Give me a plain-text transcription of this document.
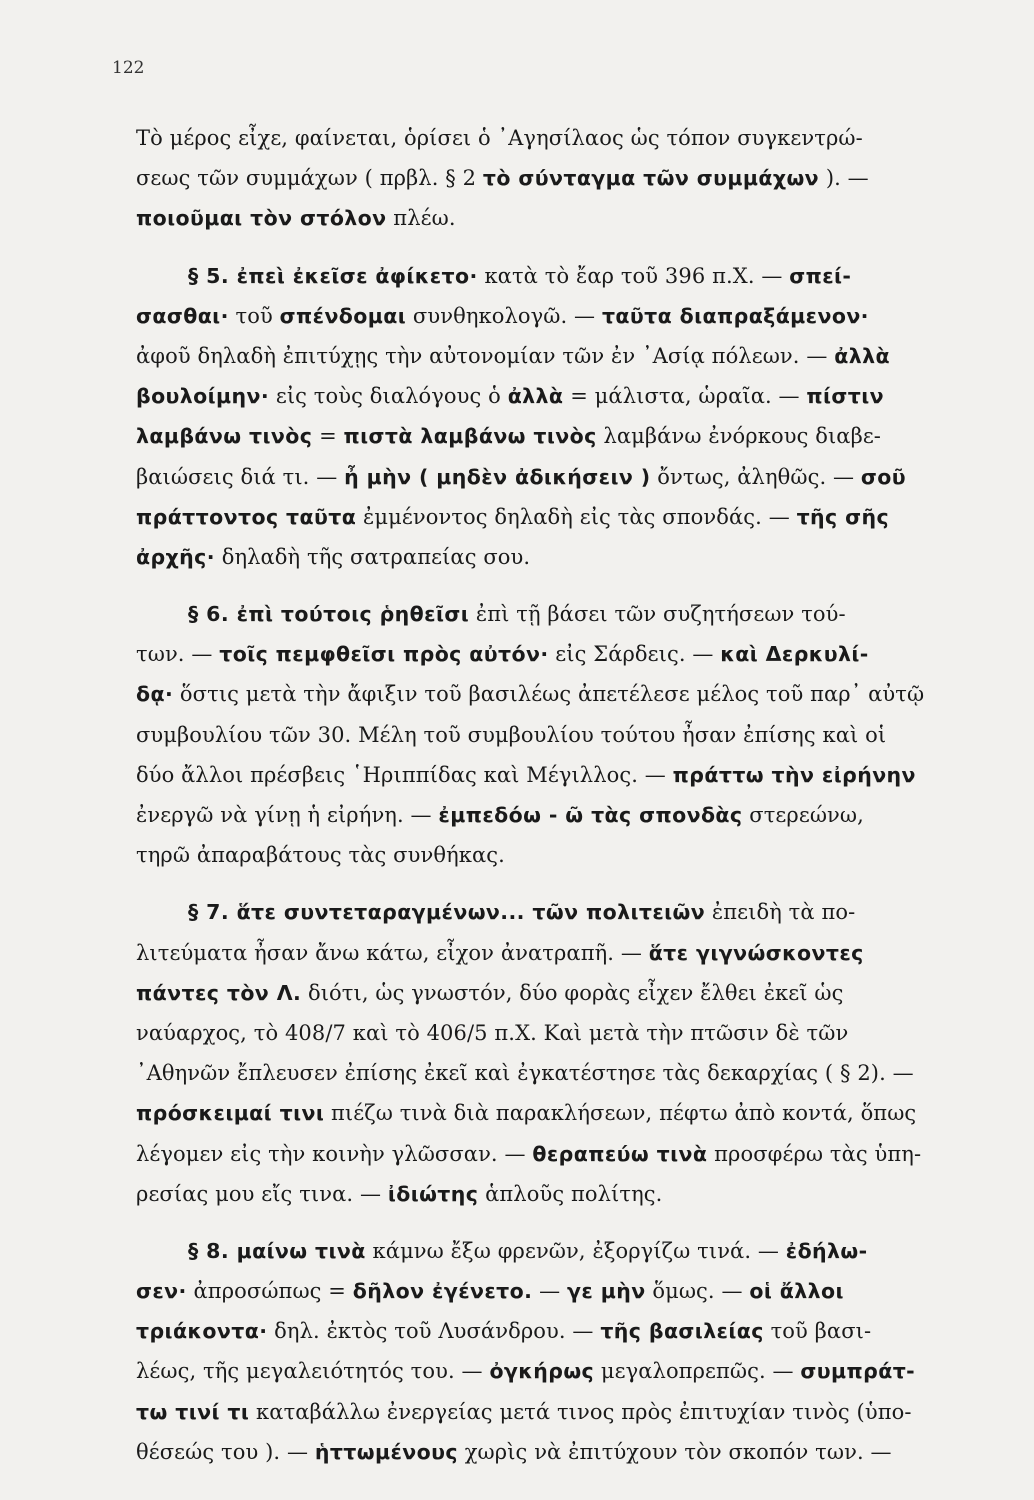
122
Τὸ μέρος εἶχε, φαίνεται, ὁρίσει ὁ ᾿Αγησίλαος ὡς τόπον συγκεντρώ-
σεως τῶν συμμάχων ( πρβλ. § 2 τὸ σύνταγμα τῶν συμμάχων ). —
ποιοῦμαι τὸν στόλον πλέω.
§ 5. ἐπεὶ ἐκεῖσε ἀφίκετο· κατὰ τὸ ἔαρ τοῦ 396 π.Χ. — σπεί-
σασθαι· τοῦ σπένδομαι συνθηκολογῶ. — ταῦτα διαπραξάμενον·
ἀφοῦ δηλαδὴ ἐπιτύχῃς τὴν αὐτονομίαν τῶν ἐν ᾿Ασίᾳ πόλεων. — ἀλλὰ
βουλοίμην· εἰς τοὺς διαλόγους ὁ ἀλλὰ = μάλιστα, ὡραῖα. — πίστιν
λαμβάνω τινὸς = πιστὰ λαμβάνω τινὸς λαμβάνω ἐνόρκους διαβε-
βαιώσεις διά τι. — ἦ μὴν ( μηδὲν ἀδικήσειν ) ὄντως, ἀληθῶς. — σοῦ
πράττοντος ταῦτα ἐμμένοντος δηλαδὴ εἰς τὰς σπονδάς. — τῆς σῆς
ἀρχῆς· δηλαδὴ τῆς σατραπείας σου.
§ 6. ἐπὶ τούτοις ῥηθεῖσι ἐπὶ τῇ βάσει τῶν συζητήσεων τού-
των. — τοῖς πεμφθεῖσι πρὸς αὐτόν· εἰς Σάρδεις. — καὶ Δερκυλί-
δᾳ· ὅστις μετὰ τὴν ἄφιξιν τοῦ βασιλέως ἀπετέλεσε μέλος τοῦ παρ᾿ αὐτῷ
συμβουλίου τῶν 30. Μέλη τοῦ συμβουλίου τούτου ἦσαν ἐπίσης καὶ οἱ
δύο ἄλλοι πρέσβεις ῾Ηριππίδας καὶ Μέγιλλος. — πράττω τὴν εἰρήνην
ἐνεργῶ νὰ γίνῃ ἡ εἰρήνη. — ἐμπεδόω - ῶ τὰς σπονδὰς στερεώνω,
τηρῶ ἀπαραβάτους τὰς συνθήκας.
§ 7. ἅτε συντεταραγμένων... τῶν πολιτειῶν ἐπειδὴ τὰ πο-
λιτεύματα ἦσαν ἄνω κάτω, εἶχον ἀνατραπῆ. — ἅτε γιγνώσκοντες
πάντες τὸν Λ. διότι, ὡς γνωστόν, δύο φορὰς εἶχεν ἔλθει ἐκεῖ ὡς
ναύαρχος, τὸ 408/7 καὶ τὸ 406/5 π.Χ. Καὶ μετὰ τὴν πτῶσιν δὲ τῶν
᾿Αθηνῶν ἔπλευσεν ἐπίσης ἐκεῖ καὶ ἐγκατέστησε τὰς δεκαρχίας ( § 2). —
πρόσκειμαί τινι πιέζω τινὰ διὰ παρακλήσεων, πέφτω ἀπὸ κοντά, ὅπως
λέγομεν εἰς τὴν κοινὴν γλῶσσαν. — θεραπεύω τινὰ προσφέρω τὰς ὑπη-
ρεσίας μου εἴς τινα. — ἰδιώτης ἁπλοῦς πολίτης.
§ 8. μαίνω τινὰ κάμνω ἔξω φρενῶν, ἐξοργίζω τινά. — ἐδήλω-
σεν· ἀπροσώπως = δῆλον ἐγένετο. — γε μὴν ὅμως. — οἱ ἄλλοι
τριάκοντα· δηλ. ἐκτὸς τοῦ Λυσάνδρου. — τῆς βασιλείας τοῦ βασι-
λέως, τῆς μεγαλειότητός του. — ὀγκήρως μεγαλοπρεπῶς. — συμπράτ-
τω τινί τι καταβάλλω ἐνεργείας μετά τινος πρὸς ἐπιτυχίαν τινὸς (ὑπο-
θέσεώς του ). — ἡττωμένους χωρὶς νὰ ἐπιτύχουν τὸν σκοπόν των. —
